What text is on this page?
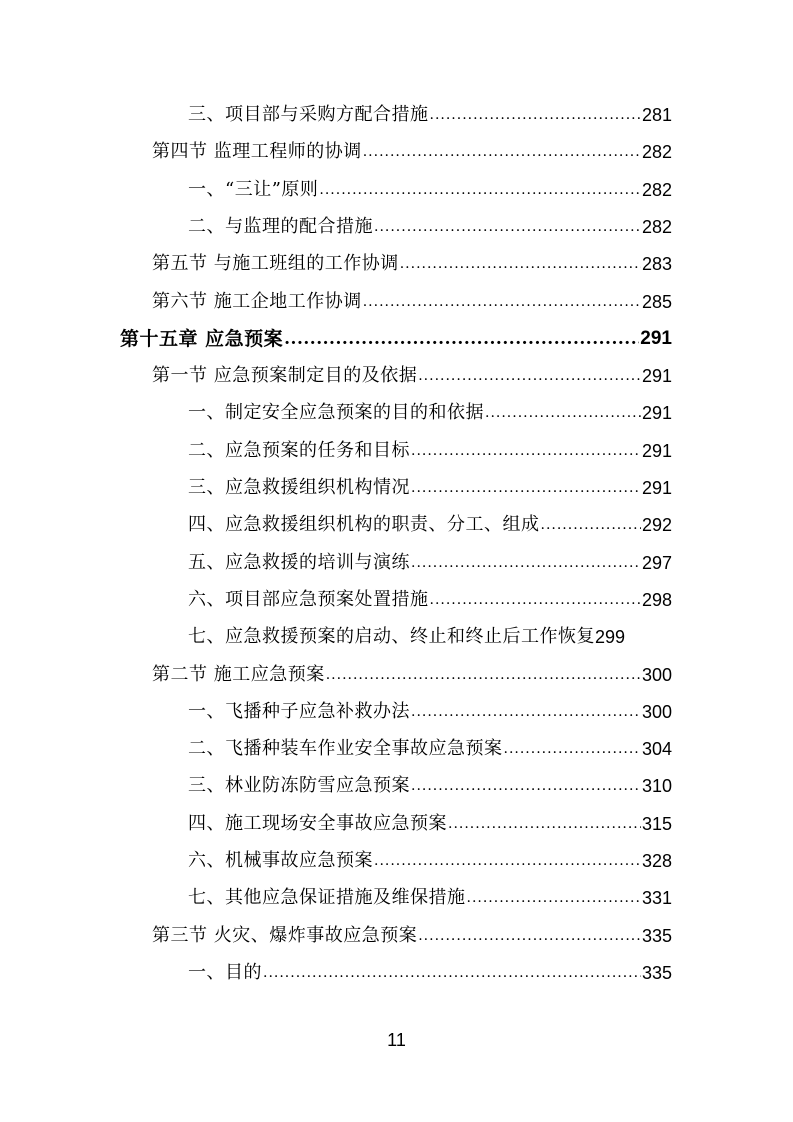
三、项目部与采购方配合措施 .....	281
第四节 监理工程师的协调 .....	282
一、“三让”原则 .....	282
二、与监理的配合措施 .....	282
第五节 与施工班组的工作协调 .....	283
第六节 施工企地工作协调 .....	285
第十五章 应急预案 .....	291
第一节 应急预案制定目的及依据 .....	291
一、制定安全应急预案的目的和依据 .....	291
二、应急预案的任务和目标 .....	291
三、应急救援组织机构情况 .....	291
四、应急救援组织机构的职责、分工、组成 .....	292
五、应急救援的培训与演练 .....	297
六、项目部应急预案处置措施 .....	298
七、应急救援预案的启动、终止和终止后工作恢复 299
第二节 施工应急预案 .....	300
一、飞播种子应急补救办法 .....	300
二、飞播种装车作业安全事故应急预案 .....	304
三、林业防冻防雪应急预案 .....	310
四、施工现场安全事故应急预案 .....	315
六、机械事故应急预案 .....	328
七、其他应急保证措施及维保措施 .....	331
第三节 火灾、爆炸事故应急预案 .....	335
一、目的 .....	335
11
